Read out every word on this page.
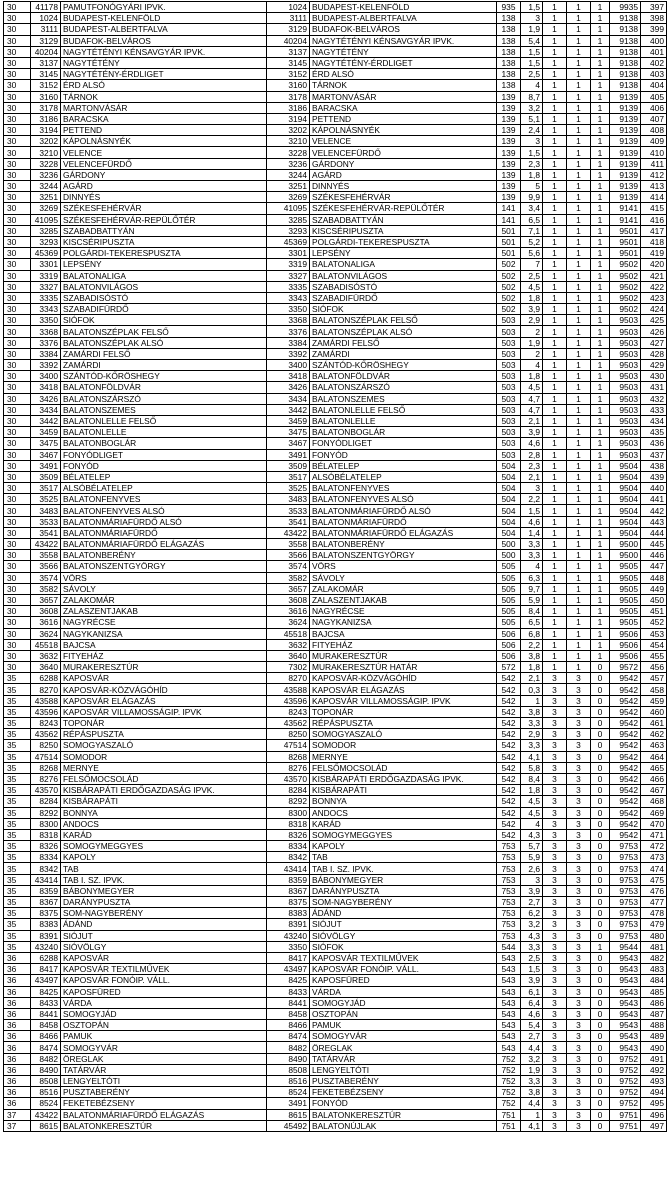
30	41178	PAMUTFONÓGYÁRI IPVK.	1024	BUDAPEST-KELENFÖLD	935	1,5	1	1	1	9935	397
30	1024	BUDAPEST-KELENFÖLD	3111	BUDAPEST-ALBERTFALVA	138	3	1	1	1	9138	398
30	3111	BUDAPEST-ALBERTFALVA	3129	BUDAFOK-BELVÁROS	138	1,9	1	1	1	9138	399
30	3129	BUDAFOK-BELVÁROS	40204	NAGYTÉTÉNYI KÉNSAVGYÁR IPVK.	138	5,4	1	1	1	9138	400
30	40204	NAGYTÉTÉNYI KÉNSAVGYÁR IPVK.	3137	NAGYTÉTÉNY	138	1,5	1	1	1	9138	401
30	3137	NAGYTÉTÉNY	3145	NAGYTÉTÉNY-ÉRDLIGET	138	1,5	1	1	1	9138	402
30	3145	NAGYTÉTÉNY-ÉRDLIGET	3152	ÉRD ALSÓ	138	2,5	1	1	1	9138	403
30	3152	ÉRD ALSÓ	3160	TÁRNOK	138	4	1	1	1	9138	404
30	3160	TÁRNOK	3178	MARTONVÁSÁR	139	8,7	1	1	1	9139	405
30	3178	MARTONVÁSÁR	3186	BARACSKA	139	3,2	1	1	1	9139	406
30	3186	BARACSKA	3194	PETTEND	139	5,1	1	1	1	9139	407
30	3194	PETTEND	3202	KÁPOLNÁSNYÉK	139	2,4	1	1	1	9139	408
30	3202	KÁPOLNÁSNYÉK	3210	VELENCE	139	3	1	1	1	9139	409
30	3210	VELENCE	3228	VELENCEFÜRDŐ	139	1,5	1	1	1	9139	410
30	3228	VELENCEFÜRDŐ	3236	GÁRDONY	139	2,3	1	1	1	9139	411
30	3236	GÁRDONY	3244	AGÁRD	139	1,8	1	1	1	9139	412
30	3244	AGÁRD	3251	DINNYÉS	139	5	1	1	1	9139	413
30	3251	DINNYÉS	3269	SZÉKESFEHÉRVÁR	139	9,9	1	1	1	9139	414
30	3269	SZÉKESFEHÉRVÁR	41095	SZÉKESFEHÉRVÁR-REPÜLŐTÉR	141	3,4	1	1	1	9141	415
30	41095	SZÉKESFEHÉRVÁR-REPÜLŐTÉR	3285	SZABADBATTYÁN	141	6,5	1	1	1	9141	416
30	3285	SZABADBATTYÁN	3293	KISCSÉRIPUSZTA	501	7,1	1	1	1	9501	417
30	3293	KISCSÉRIPUSZTA	45369	POLGÁRDI-TEKERESPUSZTA	501	5,2	1	1	1	9501	418
30	45369	POLGÁRDI-TEKERESPUSZTA	3301	LEPSÉNY	501	5,6	1	1	1	9501	419
30	3301	LEPSÉNY	3319	BALATONALIGA	502	7	1	1	1	9502	420
30	3319	BALATONALIGA	3327	BALATONVILÁGOS	502	2,5	1	1	1	9502	421
30	3327	BALATONVILÁGOS	3335	SZABADISÓSTÓ	502	4,5	1	1	1	9502	422
30	3335	SZABADISÓSTÓ	3343	SZABADIFÜRDŐ	502	1,8	1	1	1	9502	423
30	3343	SZABADIFÜRDŐ	3350	SIÓFOK	502	3,9	1	1	1	9502	424
30	3350	SIÓFOK	3368	BALATONSZÉPLAK FELSŐ	503	2,9	1	1	1	9503	425
30	3368	BALATONSZÉPLAK FELSŐ	3376	BALATONSZÉPLAK ALSÓ	503	2	1	1	1	9503	426
30	3376	BALATONSZÉPLAK ALSÓ	3384	ZAMÁRDI FELSŐ	503	1,9	1	1	1	9503	427
30	3384	ZAMÁRDI FELSŐ	3392	ZAMÁRDI	503	2	1	1	1	9503	428
30	3392	ZAMÁRDI	3400	SZÁNTÓD-KŐRÖSHEGY	503	4	1	1	1	9503	429
30	3400	SZÁNTÓD-KŐRÖSHEGY	3418	BALATONFÖLDVÁR	503	1,8	1	1	1	9503	430
30	3418	BALATONFÖLDVÁR	3426	BALATONSZÁRSZÓ	503	4,5	1	1	1	9503	431
30	3426	BALATONSZÁRSZÓ	3434	BALATONSZEMES	503	4,7	1	1	1	9503	432
30	3434	BALATONSZEMES	3442	BALATONLELLE FELSŐ	503	4,7	1	1	1	9503	433
30	3442	BALATONLELLE FELSŐ	3459	BALATONLELLE	503	2,1	1	1	1	9503	434
30	3459	BALATONLELLE	3475	BALATONBOGLÁR	503	3,9	1	1	1	9503	435
30	3475	BALATONBOGLÁR	3467	FONYÓDLIGET	503	4,6	1	1	1	9503	436
30	3467	FONYÓDLIGET	3491	FONYÓD	503	2,8	1	1	1	9503	437
30	3491	FONYÓD	3509	BÉLATELEP	504	2,3	1	1	1	9504	438
30	3509	BÉLATELEP	3517	ALSÓBÉLATELEP	504	2,1	1	1	1	9504	439
30	3517	ALSÓBÉLATELEP	3525	BALATONFENYVES	504	3	1	1	1	9504	440
30	3525	BALATONFENYVES	3483	BALATONFENYVES ALSÓ	504	2,2	1	1	1	9504	441
30	3483	BALATONFENYVES ALSÓ	3533	BALATONMÁRIAFÜRDŐ ALSÓ	504	1,5	1	1	1	9504	442
30	3533	BALATONMÁRIAFÜRDŐ ALSÓ	3541	BALATONMÁRIAFÜRDŐ	504	4,6	1	1	1	9504	443
30	3541	BALATONMÁRIAFÜRDŐ	43422	BALATONMÁRIAFÜRDŐ ELÁGAZÁS	504	1,4	1	1	1	9504	444
30	43422	BALATONMÁRIAFÜRDŐ ELÁGAZÁS	3558	BALATONBERÉNY	500	3,3	1	1	1	9500	445
30	3558	BALATONBERÉNY	3566	BALATONSZENTGYÖRGY	500	3,3	1	1	1	9500	446
30	3566	BALATONSZENTGYÖRGY	3574	VÖRS	505	4	1	1	1	9505	447
30	3574	VÖRS	3582	SÁVOLY	505	6,3	1	1	1	9505	448
30	3582	SÁVOLY	3657	ZALAKOMÁR	505	9,7	1	1	1	9505	449
30	3657	ZALAKOMÁR	3608	ZALASZENTJAKAB	505	5,9	1	1	1	9505	450
30	3608	ZALASZENTJAKAB	3616	NAGYRÉCSE	505	8,4	1	1	1	9505	451
30	3616	NAGYRÉCSE	3624	NAGYKANIZSA	505	6,5	1	1	1	9505	452
30	3624	NAGYKANIZSA	45518	BAJCSA	506	6,8	1	1	1	9506	453
30	45518	BAJCSA	3632	FITYEHÁZ	506	2,2	1	1	1	9506	454
30	3632	FITYEHÁZ	3640	MURAKERESZTÚR	506	3,8	1	1	1	9506	455
30	3640	MURAKERESZTÚR	7302	MURAKERESZTÚR HATÁR	572	1,8	1	1	0	9572	456
35	6288	KAPOSVÁR	8270	KAPOSVÁR-KÖZVÁGÓHÍD	542	2,1	3	3	0	9542	457
35	8270	KAPOSVÁR-KÖZVÁGÓHÍD	43588	KAPOSVÁR ELÁGAZÁS	542	0,3	3	3	0	9542	458
35	43588	KAPOSVÁR ELÁGAZÁS	43596	KAPOSVÁR VILLAMOSSÁGIP. IPVK	542	1	3	3	0	9542	459
35	43596	KAPOSVÁR VILLAMOSSÁGIP. IPVK	8243	TOPONÁR	542	3,8	3	3	0	9542	460
35	8243	TOPONÁR	43562	RÉPÁSPUSZTA	542	3,3	3	3	0	9542	461
35	43562	RÉPÁSPUSZTA	8250	SOMOGYASZALÓ	542	2,9	3	3	0	9542	462
35	8250	SOMOGYASZALÓ	47514	SOMODOR	542	3,3	3	3	0	9542	463
35	47514	SOMODOR	8268	MERNYE	542	4,1	3	3	0	9542	464
35	8268	MERNYE	8276	FELSŐMOCSOLÁD	542	5,8	3	3	0	9542	465
35	8276	FELSŐMOCSOLÁD	43570	KISBÁRAPÁTI ERDŐGAZDASÁG IPVK.	542	8,4	3	3	0	9542	466
35	43570	KISBÁRAPÁTI ERDŐGAZDASÁG IPVK.	8284	KISBÁRAPÁTI	542	1,8	3	3	0	9542	467
35	8284	KISBÁRAPÁTI	8292	BONNYA	542	4,5	3	3	0	9542	468
35	8292	BONNYA	8300	ANDOCS	542	4,5	3	3	0	9542	469
35	8300	ANDOCS	8318	KARÁD	542	4	3	3	0	9542	470
35	8318	KARÁD	8326	SOMOGYMEGGYES	542	4,3	3	3	0	9542	471
35	8326	SOMOGYMEGGYES	8334	KAPOLY	753	5,7	3	3	0	9753	472
35	8334	KAPOLY	8342	TAB	753	5,9	3	3	0	9753	473
35	8342	TAB	43414	TAB I. SZ. IPVK.	753	2,6	3	3	0	9753	474
35	43414	TAB I. SZ. IPVK.	8359	BÁBONYMEGYER	753	3	3	3	0	9753	475
35	8359	BÁBONYMEGYER	8367	DARÁNYPUSZTA	753	3,9	3	3	0	9753	476
35	8367	DARÁNYPUSZTA	8375	SOM-NAGYBERÉNY	753	2,7	3	3	0	9753	477
35	8375	SOM-NAGYBERÉNY	8383	ÁDÁND	753	6,2	3	3	0	9753	478
35	8383	ÁDÁND	8391	SIÓJUT	753	3,2	3	3	0	9753	479
35	8391	SIÓJUT	43240	SIÓVÖLGY	753	4,3	3	3	0	9753	480
35	43240	SIÓVÖLGY	3350	SIÓFOK	544	3,3	3	3	1	9544	481
36	6288	KAPOSVÁR	8417	KAPOSVÁR TEXTILMŰVEK	543	2,5	3	3	0	9543	482
36	8417	KAPOSVÁR TEXTILMŰVEK	43497	KAPOSVÁR FONÓIP. VÁLL.	543	1,5	3	3	0	9543	483
36	43497	KAPOSVÁR FONÓIP. VÁLL.	8425	KAPOSFÜRED	543	3,9	3	3	0	9543	484
36	8425	KAPOSFÜRED	8433	VÁRDA	543	6,1	3	3	0	9543	485
36	8433	VÁRDA	8441	SOMOGYJÁD	543	6,4	3	3	0	9543	486
36	8441	SOMOGYJÁD	8458	OSZTOPÁN	543	4,6	3	3	0	9543	487
36	8458	OSZTOPÁN	8466	PAMUK	543	5,4	3	3	0	9543	488
36	8466	PAMUK	8474	SOMOGYVÁR	543	2,7	3	3	0	9543	489
36	8474	SOMOGYVÁR	8482	ÖREGLAK	543	4,4	3	3	0	9543	490
36	8482	ÖREGLAK	8490	TATÁRVÁR	752	3,2	3	3	0	9752	491
36	8490	TATÁRVÁR	8508	LENGYELTÓTI	752	1,9	3	3	0	9752	492
36	8508	LENGYELTÓTI	8516	PUSZTABERÉNY	752	3,3	3	3	0	9752	493
36	8516	PUSZTABERÉNY	8524	FEKETEBÉZSENY	752	3,8	3	3	0	9752	494
36	8524	FEKETEBÉZSENY	3491	FONYÓD	752	4,4	3	3	0	9752	495
37	43422	BALATONMÁRIAFÜRDŐ ELÁGAZÁS	8615	BALATONKERESZTÚR	751	1	3	3	0	9751	496
37	8615	BALATONKERESZTÚR	45492	BALATONÚJLAK	751	4,1	3	3	0	9751	497
